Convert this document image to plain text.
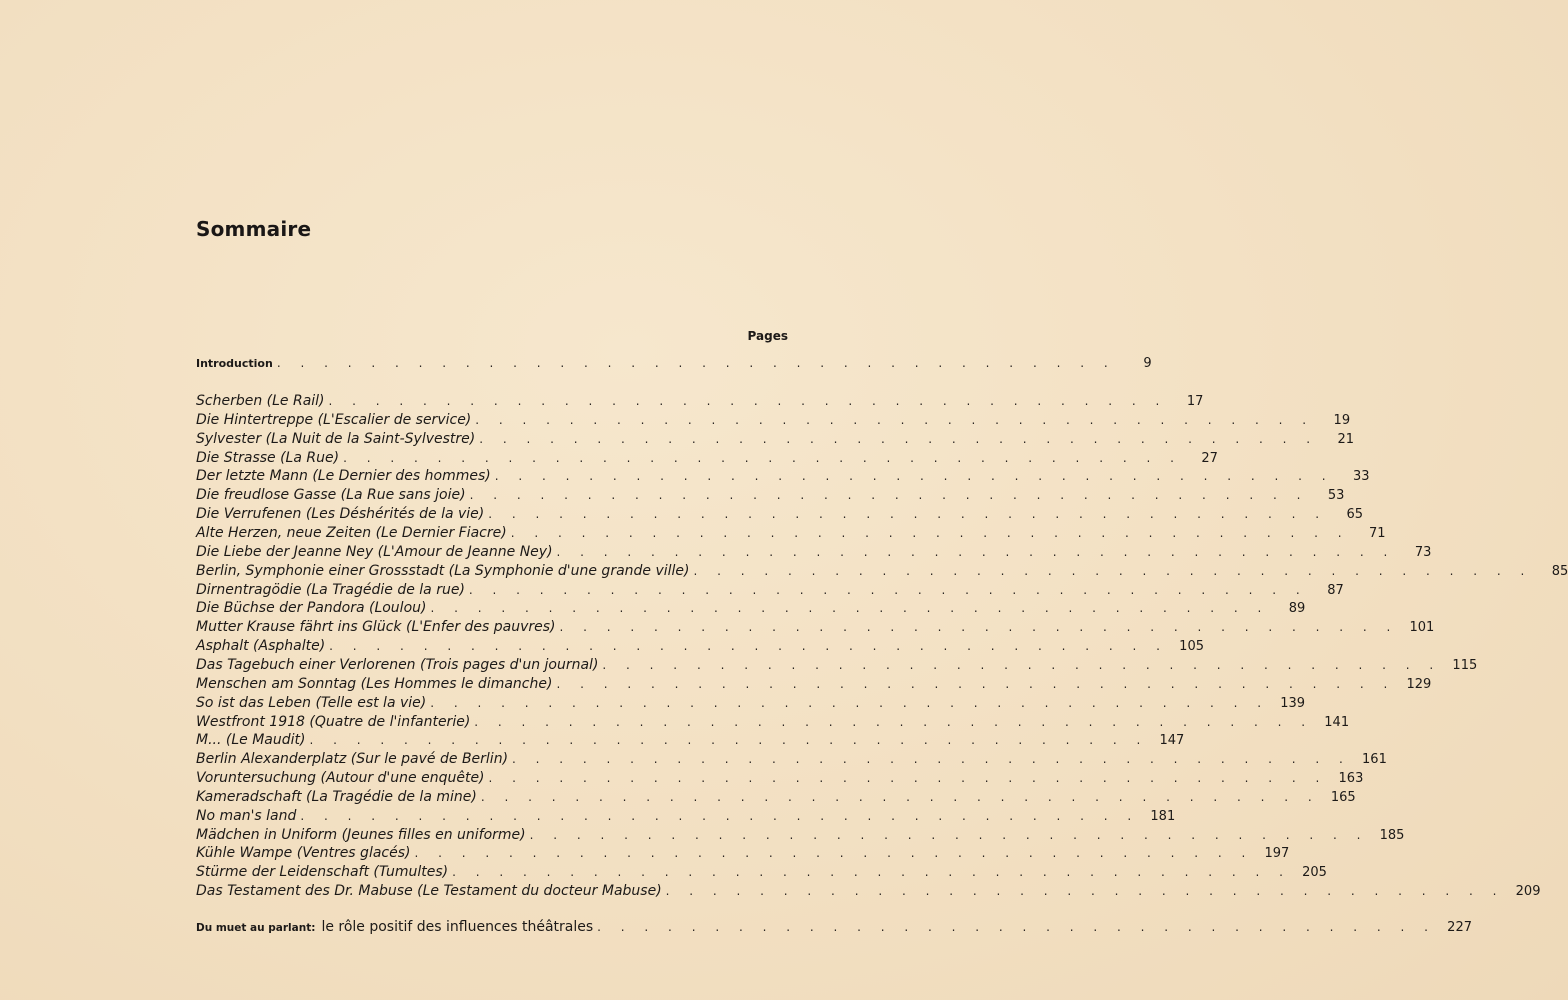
Sommaire
Pages
Introduction . . . . . . . . . . . . . . . . . . . . . . . . . . . . . . . . . . . .	9
Scherben (Le Rail) . . . . . . . . . . . . . . . . . . . . . . . . . . . . . . . . . . . .	17
Die Hintertreppe (L'Escalier de service) . . . . . . . . . . . . . . . . . . . . . . . . . . . . . . . . . . . .	19
Sylvester (La Nuit de la Saint-Sylvestre) . . . . . . . . . . . . . . . . . . . . . . . . . . . . . . . . . . . .	21
Die Strasse (La Rue) . . . . . . . . . . . . . . . . . . . . . . . . . . . . . . . . . . . .	27
Der letzte Mann (Le Dernier des hommes) . . . . . . . . . . . . . . . . . . . . . . . . . . . . . . . . . . . .	33
Die freudlose Gasse (La Rue sans joie) . . . . . . . . . . . . . . . . . . . . . . . . . . . . . . . . . . . .	53
Die Verrufenen (Les Déshérités de la vie) . . . . . . . . . . . . . . . . . . . . . . . . . . . . . . . . . . . .	65
Alte Herzen, neue Zeiten (Le Dernier Fiacre) . . . . . . . . . . . . . . . . . . . . . . . . . . . . . . . . . . . .	71
Die Liebe der Jeanne Ney (L'Amour de Jeanne Ney) . . . . . . . . . . . . . . . . . . . . . . . . . . . . . . . . . . . .	73
Berlin, Symphonie einer Grossstadt (La Symphonie d'une grande ville) . . . . . . . . . . . . . . . . . . . . . . . . . . . . . . . . . . . .	85
Dirnentragödie (La Tragédie de la rue) . . . . . . . . . . . . . . . . . . . . . . . . . . . . . . . . . . . .	87
Die Büchse der Pandora (Loulou) . . . . . . . . . . . . . . . . . . . . . . . . . . . . . . . . . . . .	89
Mutter Krause fährt ins Glück (L'Enfer des pauvres) . . . . . . . . . . . . . . . . . . . . . . . . . . . . . . . . . . . . 101
Asphalt (Asphalte) . . . . . . . . . . . . . . . . . . . . . . . . . . . . . . . . . . . . 105
Das Tagebuch einer Verlorenen (Trois pages d'un journal) . . . . . . . . . . . . . . . . . . . . . . . . . . . . . . . . . . . . 115
Menschen am Sonntag (Les Hommes le dimanche) . . . . . . . . . . . . . . . . . . . . . . . . . . . . . . . . . . . . 129
So ist das Leben (Telle est la vie) . . . . . . . . . . . . . . . . . . . . . . . . . . . . . . . . . . . . 139
Westfront 1918 (Quatre de l'infanterie) . . . . . . . . . . . . . . . . . . . . . . . . . . . . . . . . . . . . 141
M... (Le Maudit) . . . . . . . . . . . . . . . . . . . . . . . . . . . . . . . . . . . . 147
Berlin Alexanderplatz (Sur le pavé de Berlin) . . . . . . . . . . . . . . . . . . . . . . . . . . . . . . . . . . . . 161
Voruntersuchung (Autour d'une enquête) . . . . . . . . . . . . . . . . . . . . . . . . . . . . . . . . . . . . 163
Kameradschaft (La Tragédie de la mine) . . . . . . . . . . . . . . . . . . . . . . . . . . . . . . . . . . . . 165
No man's land . . . . . . . . . . . . . . . . . . . . . . . . . . . . . . . . . . . . 181
Mädchen in Uniform (Jeunes filles en uniforme) . . . . . . . . . . . . . . . . . . . . . . . . . . . . . . . . . . . . 185
Kühle Wampe (Ventres glacés) . . . . . . . . . . . . . . . . . . . . . . . . . . . . . . . . . . . . 197
Stürme der Leidenschaft (Tumultes) . . . . . . . . . . . . . . . . . . . . . . . . . . . . . . . . . . . . 205
Das Testament des Dr. Mabuse (Le Testament du docteur Mabuse) . . . . . . . . . . . . . . . . . . . . . . . . . . . . . . . . . . . . 209
Du muet au parlant: le rôle positif des influences théâtrales . . . . . . . . . . . . . . . . . . . . . . . . . . . . . . . . . . . . 227
